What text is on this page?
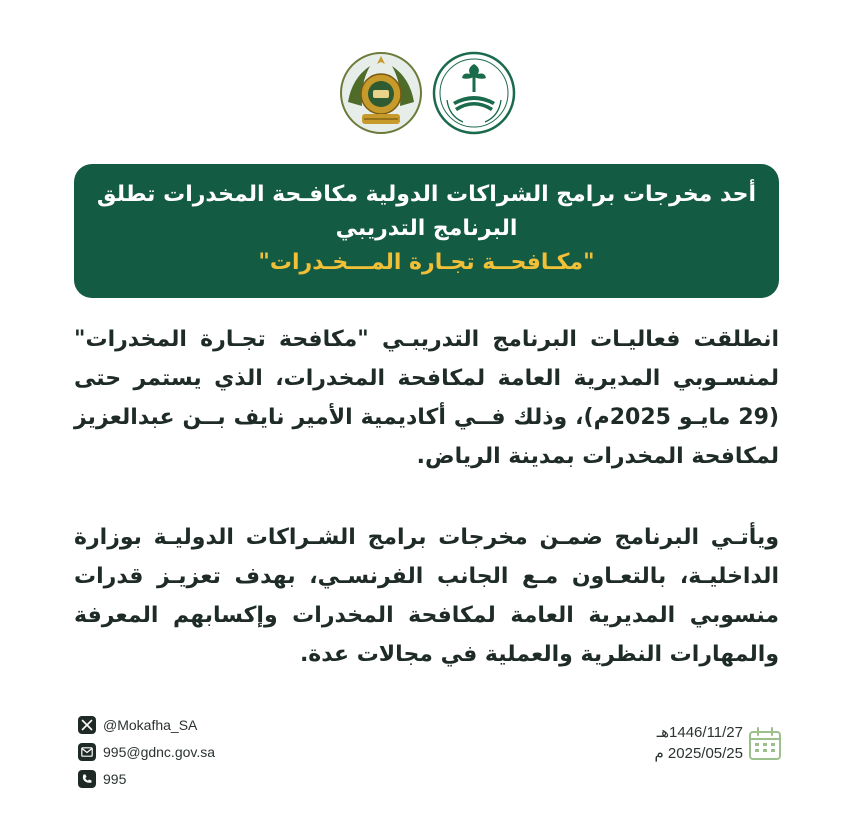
أحد مخرجات برامج الشراكات الدولية مكافـحة المخدرات تطلق
البرنامج التدريبي
"مكـافحــة تجـارة المـــخـدرات"
انطلقت فعاليـات البرنامج التدريبـي "مكافحة تجـارة المخدرات" لمنسـوبي المديرية العامة لمكافحة المخدرات، الذي يستمر حتى (29 مايـو 2025م)، وذلك فــي أكاديمية الأمير نايف بــن عبدالعزيز لمكافحة المخدرات بمدينة الرياض.
ويأتـي البرنامج ضمـن مخرجات برامج الشـراكات الدوليـة بوزارة الداخليـة، بالتعـاون مـع الجانب الفرنسـي، بهدف تعزيـز قدرات منسوبي المديرية العامة لمكافحة المخدرات وإكسابهم المعرفة والمهارات النظرية والعملية في مجالات عدة.
@Mokafha_SA
995@gdnc.gov.sa
995
1446/11/27هـ
2025/05/25 م
